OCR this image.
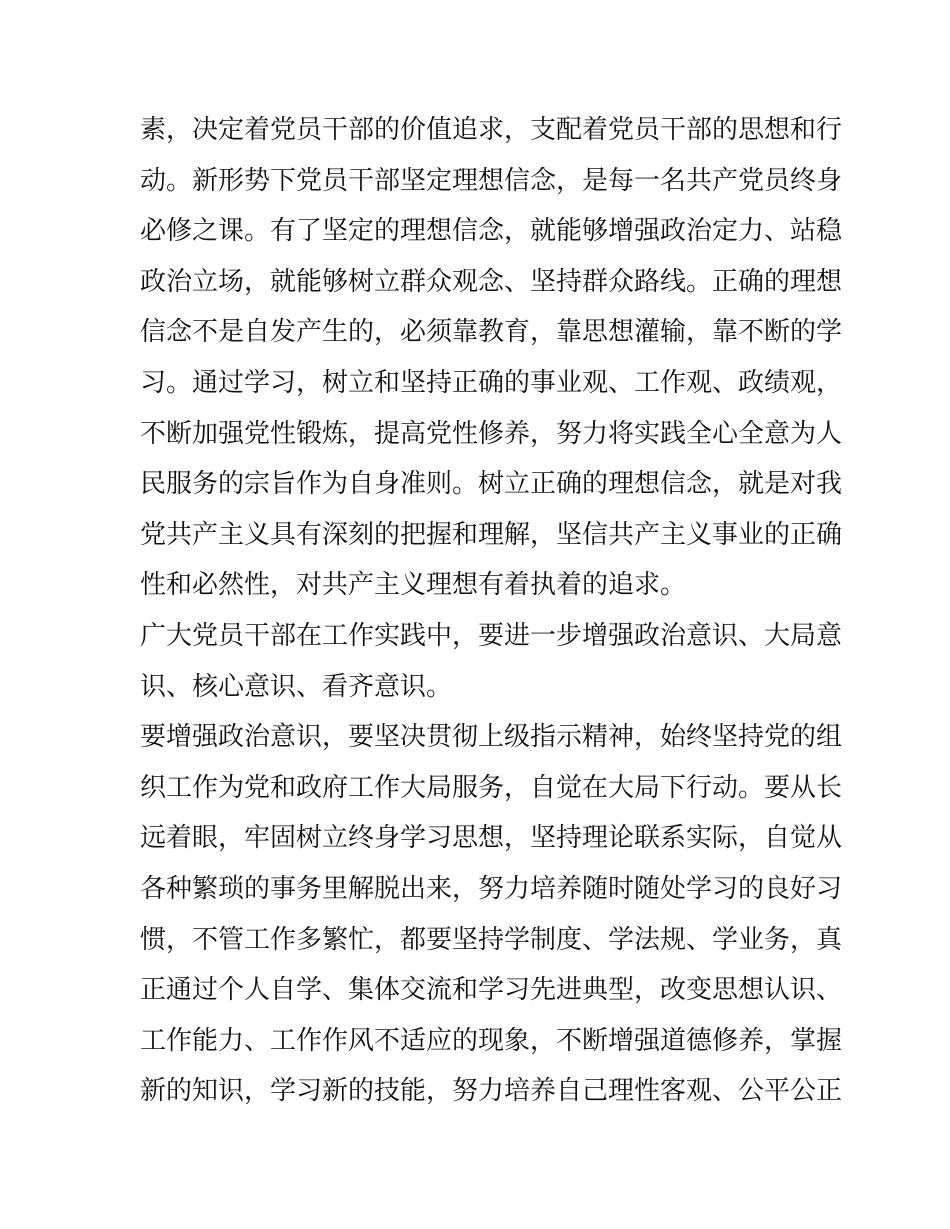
素，决定着党员干部的价值追求，支配着党员干部的思想和行
动。新形势下党员干部坚定理想信念，是每一名共产党员终身
必修之课。有了坚定的理想信念，就能够增强政治定力、站稳
政治立场，就能够树立群众观念、坚持群众路线。正确的理想
信念不是自发产生的，必须靠教育，靠思想灌输，靠不断的学
习。通过学习，树立和坚持正确的事业观、工作观、政绩观，
不断加强党性锻炼，提高党性修养，努力将实践全心全意为人
民服务的宗旨作为自身准则。树立正确的理想信念，就是对我
党共产主义具有深刻的把握和理解，坚信共产主义事业的正确
性和必然性，对共产主义理想有着执着的追求。
广大党员干部在工作实践中，要进一步增强政治意识、大局意
识、核心意识、看齐意识。
要增强政治意识，要坚决贯彻上级指示精神，始终坚持党的组
织工作为党和政府工作大局服务，自觉在大局下行动。要从长
远着眼，牢固树立终身学习思想，坚持理论联系实际，自觉从
各种繁琐的事务里解脱出来，努力培养随时随处学习的良好习
惯，不管工作多繁忙，都要坚持学制度、学法规、学业务，真
正通过个人自学、集体交流和学习先进典型，改变思想认识、
工作能力、工作作风不适应的现象，不断增强道德修养，掌握
新的知识，学习新的技能，努力培养自己理性客观、公平公正
